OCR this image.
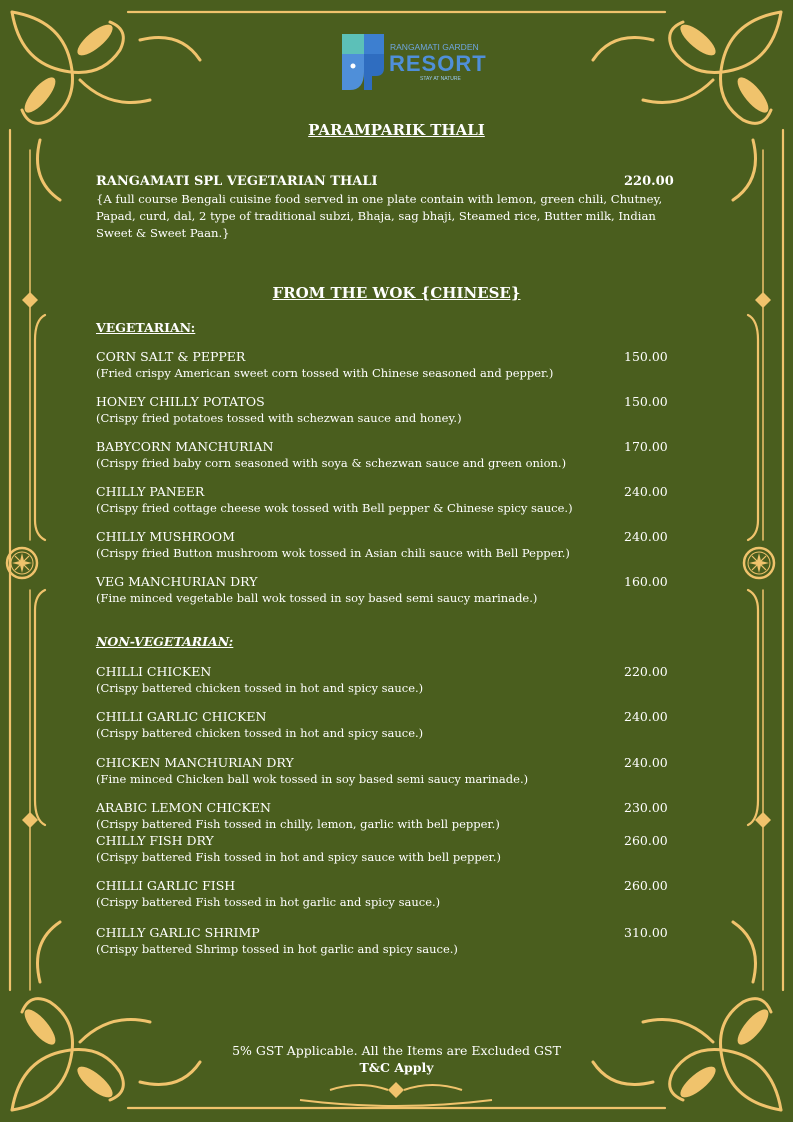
RANGAMATI GARDEN
RESORT
STAY AT NATURE
PARAMPARIK THALI
RANGAMATI SPL VEGETARIAN THALI	220.00
{A full course Bengali cuisine food served in one plate contain with lemon, green chili, Chutney, Papad, curd, dal, 2 type of traditional subzi, Bhaja, sag bhaji, Steamed rice, Butter milk, Indian Sweet & Sweet Paan.}
FROM THE WOK {CHINESE}
VEGETARIAN:
CORN SALT & PEPPER	150.00
(Fried crispy American sweet corn tossed with Chinese seasoned and pepper.)
HONEY CHILLY POTATOS	150.00
(Crispy fried potatoes tossed with schezwan sauce and honey.)
BABYCORN MANCHURIAN	170.00
(Crispy fried baby corn seasoned with soya & schezwan sauce and green onion.)
CHILLY PANEER	240.00
(Crispy fried cottage cheese wok tossed with Bell pepper & Chinese spicy sauce.)
CHILLY MUSHROOM	240.00
(Crispy fried Button mushroom wok tossed in Asian chili sauce with Bell Pepper.)
VEG MANCHURIAN DRY	160.00
(Fine minced vegetable ball wok tossed in soy based semi saucy marinade.)
NON-VEGETARIAN:
CHILLI CHICKEN	220.00
(Crispy battered chicken tossed in hot and spicy sauce.)
CHILLI GARLIC CHICKEN	240.00
(Crispy battered chicken tossed in hot and spicy sauce.)
CHICKEN MANCHURIAN DRY	240.00
(Fine minced Chicken ball wok tossed in soy based semi saucy marinade.)
ARABIC LEMON CHICKEN	230.00
(Crispy battered Fish tossed in chilly, lemon, garlic with bell pepper.)
CHILLY FISH DRY	260.00
(Crispy battered Fish tossed in hot and spicy sauce with bell pepper.)
CHILLI GARLIC FISH	260.00
(Crispy battered Fish tossed in hot garlic and spicy sauce.)
CHILLY GARLIC SHRIMP	310.00
(Crispy battered Shrimp tossed in hot garlic and spicy sauce.)
5% GST Applicable. All the Items are Excluded GST
T&C Apply
